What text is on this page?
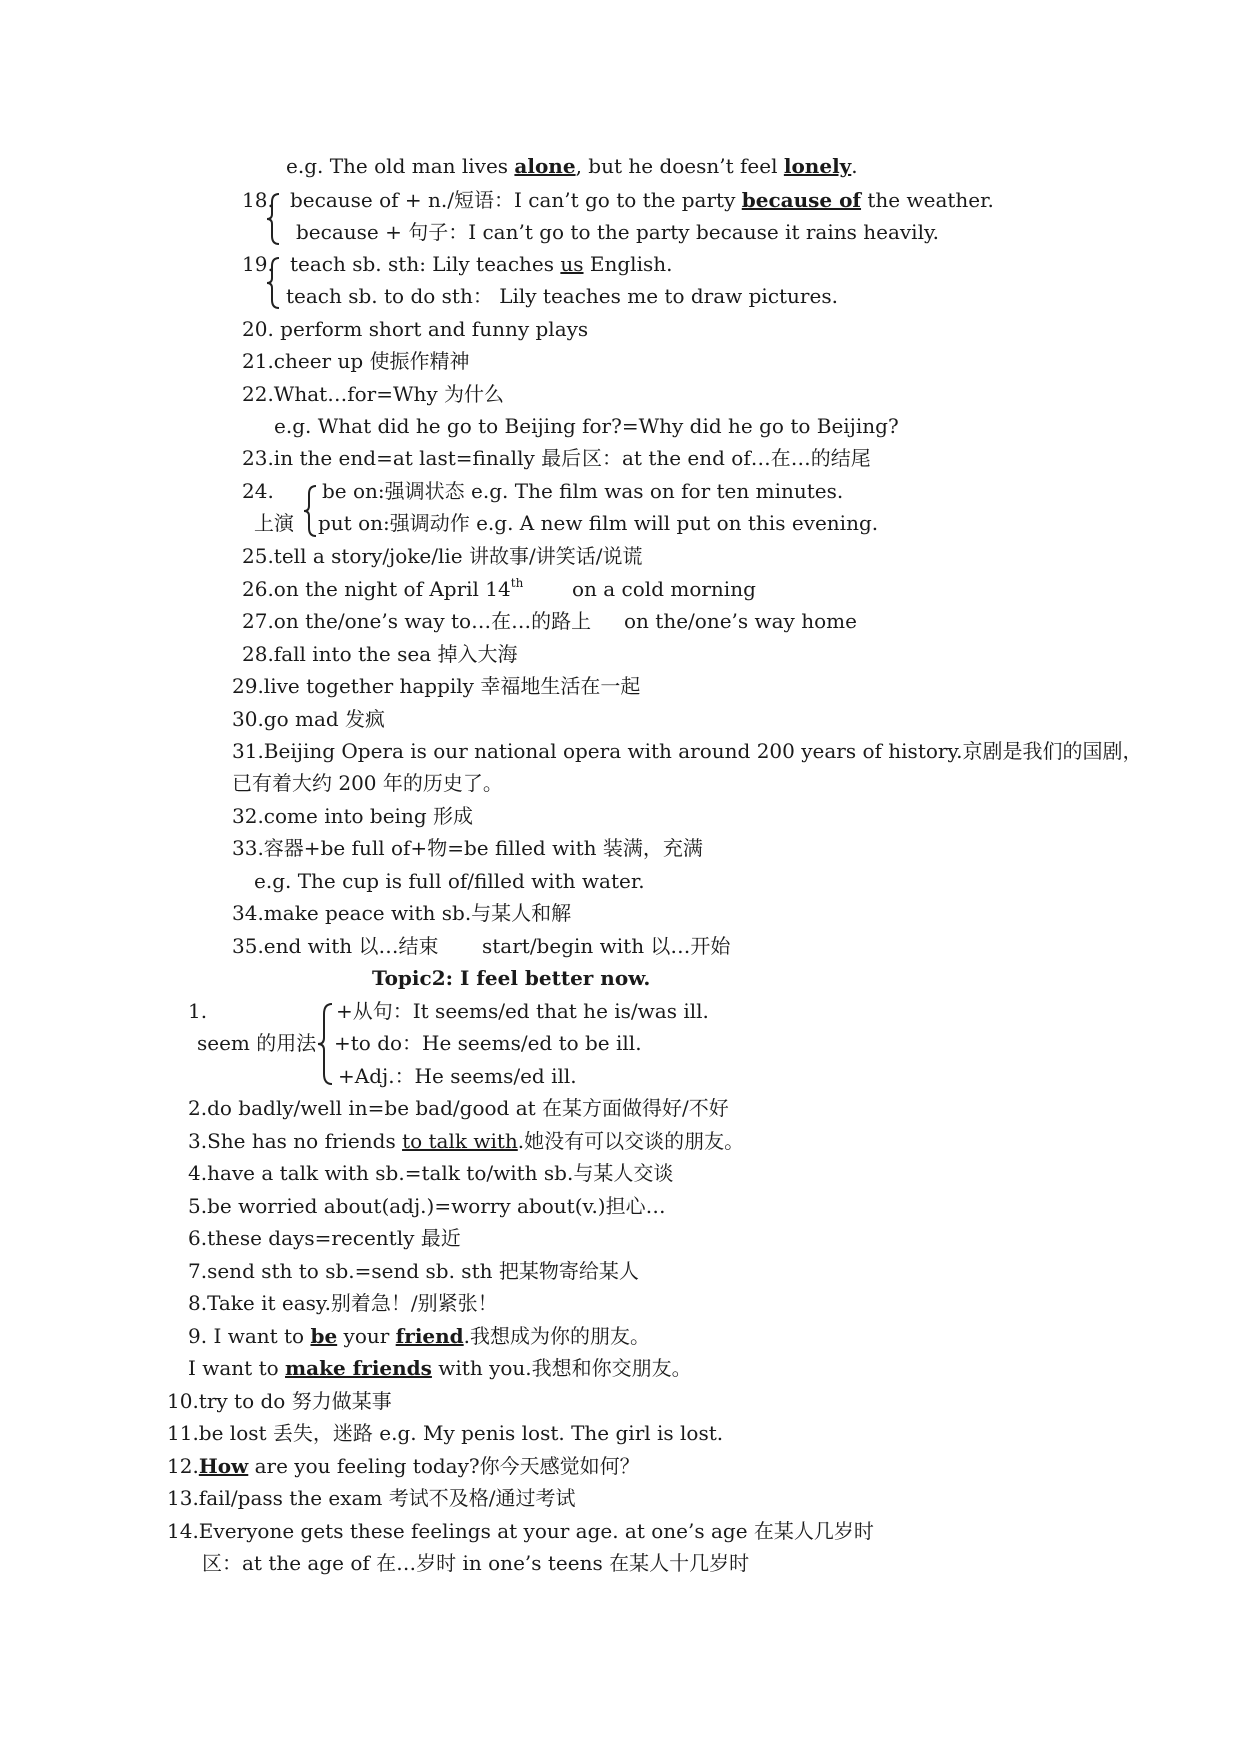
e.g. The old man lives alone, but he doesn’t feel lonely.
18. because of + n./短语：I can’t go to the party because of the weather.
because + 句子：I can’t go to the party because it rains heavily.
19. teach sb. sth: Lily teaches us English.
teach sb. to do sth： Lily teaches me to draw pictures.
20. perform short and funny plays
21.cheer up 使振作精神
22.What…for=Why 为什么
e.g. What did he go to Beijing for?=Why did he go to Beijing?
23.in the end=at last=finally 最后 区：at the end of…在…的结尾
24. be on:强调状态 e.g. The film was on for ten minutes.
上演 put on:强调动作 e.g. A new film will put on this evening.
25.tell a story/joke/lie 讲故事/讲笑话/说谎
26.on the night of April 14th on a cold morning
27.on the/one’s way to…在…的路上 on the/one’s way home
28.fall into the sea 掉入大海
29.live together happily 幸福地生活在一起
30.go mad 发疯
31.Beijing Opera is our national opera with around 200 years of history.京剧是我们的国剧，
已有着大约 200 年的历史了。
32.come into being 形成
33.容器+be full of+物=be filled with 装满，充满
e.g. The cup is full of/filled with water.
34.make peace with sb.与某人和解
35.end with 以…结束 start/begin with 以…开始
Topic2: I feel better now.
1.	+从句：It seems/ed that he is/was ill.
seem 的用法 +to do：He seems/ed to be ill.
+Adj.：He seems/ed ill.
2.do badly/well in=be bad/good at 在某方面做得好/不好
3.She has no friends to talk with.她没有可以交谈的朋友。
4.have a talk with sb.=talk to/with sb.与某人交谈
5.be worried about(adj.)=worry about(v.)担心…
6.these days=recently 最近
7.send sth to sb.=send sb. sth 把某物寄给某人
8.Take it easy.别着急！/别紧张！
9. I want to be your friend.我想成为你的朋友。
I want to make friends with you.我想和你交朋友。
10.try to do 努力做某事
11.be lost 丢失，迷路 e.g. My penis lost. The girl is lost.
12.How are you feeling today?你今天感觉如何？
13.fail/pass the exam 考试不及格/通过考试
14.Everyone gets these feelings at your age. at one’s age 在某人几岁时
区：at the age of 在…岁时 in one’s teens 在某人十几岁时
